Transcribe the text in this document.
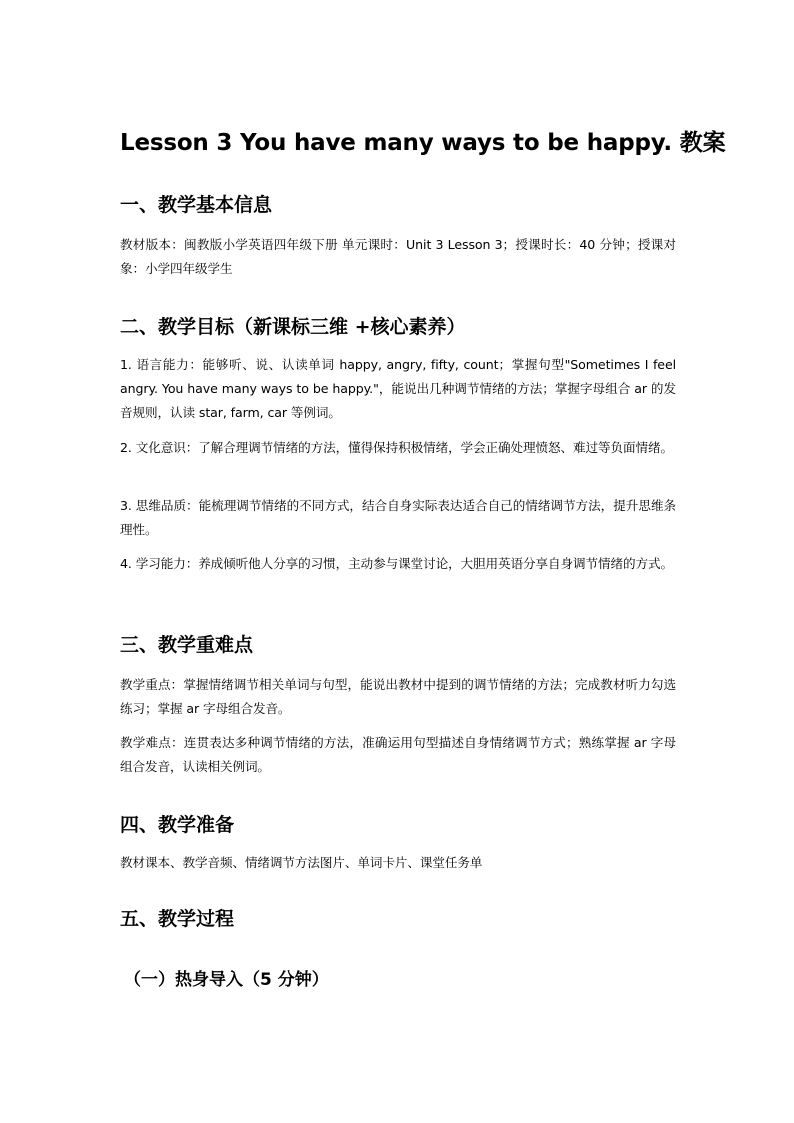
Lesson 3 You have many ways to be happy. 教案
一、教学基本信息
教材版本：闽教版小学英语四年级下册 单元课时：Unit 3 Lesson 3；授课时长：40 分钟；授课对象：小学四年级学生
二、教学目标（新课标三维 +核心素养）
1. 语言能力：能够听、说、认读单词 happy, angry, fifty, count；掌握句型"Sometimes I feel angry. You have many ways to be happy."，能说出几种调节情绪的方法；掌握字母组合 ar 的发音规则，认读 star, farm, car 等例词。
2. 文化意识：了解合理调节情绪的方法，懂得保持积极情绪，学会正确处理愤怒、难过等负面情绪。
3. 思维品质：能梳理调节情绪的不同方式，结合自身实际表达适合自己的情绪调节方法，提升思维条理性。
4. 学习能力：养成倾听他人分享的习惯，主动参与课堂讨论，大胆用英语分享自身调节情绪的方式。
三、教学重难点
教学重点：掌握情绪调节相关单词与句型，能说出教材中提到的调节情绪的方法；完成教材听力勾选练习；掌握 ar 字母组合发音。
教学难点：连贯表达多种调节情绪的方法，准确运用句型描述自身情绪调节方式；熟练掌握 ar 字母组合发音，认读相关例词。
四、教学准备
教材课本、教学音频、情绪调节方法图片、单词卡片、课堂任务单
五、教学过程
（一）热身导入（5 分钟）
